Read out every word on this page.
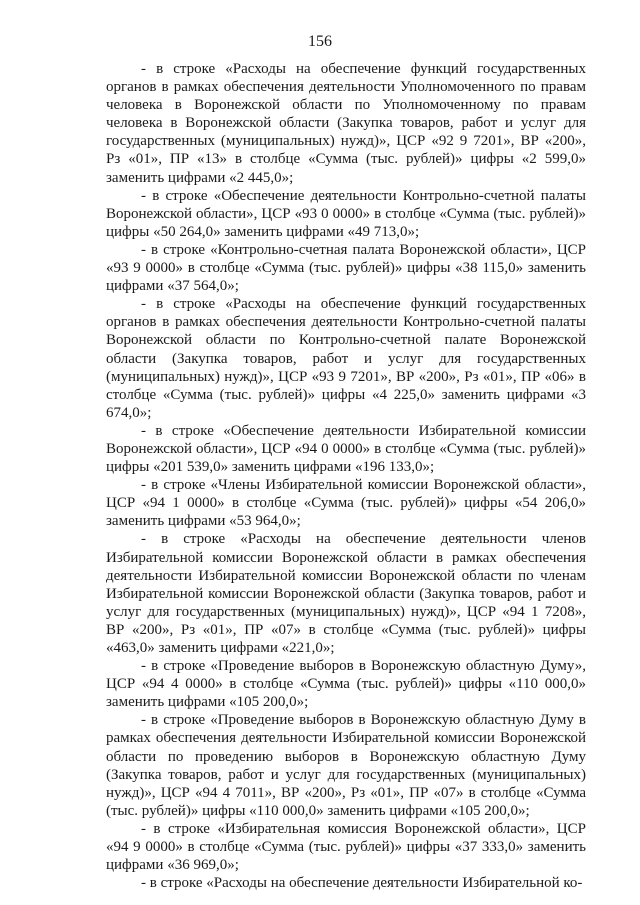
156

- в строке «Расходы на обеспечение функций государственных органов в рамках обеспечения деятельности Уполномоченного по правам человека в Воронежской области по Уполномоченному по правам человека в Воронежской области (Закупка товаров, работ и услуг для государственных (муниципальных) нужд)», ЦСР «92 9 7201», ВР «200», Рз «01», ПР «13» в столбце «Сумма (тыс. рублей)» цифры «2 599,0» заменить цифрами «2 445,0»;

- в строке «Обеспечение деятельности Контрольно-счетной палаты Воронежской области», ЦСР «93 0 0000» в столбце «Сумма (тыс. рублей)» цифры «50 264,0» заменить цифрами «49 713,0»;

- в строке «Контрольно-счетная палата Воронежской области», ЦСР «93 9 0000» в столбце «Сумма (тыс. рублей)» цифры «38 115,0» заменить цифрами «37 564,0»;

- в строке «Расходы на обеспечение функций государственных органов в рамках обеспечения деятельности Контрольно-счетной палаты Воронежской области по Контрольно-счетной палате Воронежской области (Закупка товаров, работ и услуг для государственных (муниципальных) нужд)», ЦСР «93 9 7201», ВР «200», Рз «01», ПР «06» в столбце «Сумма (тыс. рублей)» цифры «4 225,0» заменить цифрами «3 674,0»;

- в строке «Обеспечение деятельности Избирательной комиссии Воронежской области», ЦСР «94 0 0000» в столбце «Сумма (тыс. рублей)» цифры «201 539,0» заменить цифрами «196 133,0»;

- в строке «Члены Избирательной комиссии Воронежской области», ЦСР «94 1 0000» в столбце «Сумма (тыс. рублей)» цифры «54 206,0» заменить цифрами «53 964,0»;

- в строке «Расходы на обеспечение деятельности членов Избирательной комиссии Воронежской области в рамках обеспечения деятельности Избирательной комиссии Воронежской области по членам Избирательной комиссии Воронежской области (Закупка товаров, работ и услуг для государственных (муниципальных) нужд)», ЦСР «94 1 7208», ВР «200», Рз «01», ПР «07» в столбце «Сумма (тыс. рублей)» цифры «463,0» заменить цифрами «221,0»;

- в строке «Проведение выборов в Воронежскую областную Думу», ЦСР «94 4 0000» в столбце «Сумма (тыс. рублей)» цифры «110 000,0» заменить цифрами «105 200,0»;

- в строке «Проведение выборов в Воронежскую областную Думу в рамках обеспечения деятельности Избирательной комиссии Воронежской области по проведению выборов в Воронежскую областную Думу (Закупка товаров, работ и услуг для государственных (муниципальных) нужд)», ЦСР «94 4 7011», ВР «200», Рз «01», ПР «07» в столбце «Сумма (тыс. рублей)» цифры «110 000,0» заменить цифрами «105 200,0»;

- в строке «Избирательная комиссия Воронежской области», ЦСР «94 9 0000» в столбце «Сумма (тыс. рублей)» цифры «37 333,0» заменить цифрами «36 969,0»;

- в строке «Расходы на обеспечение деятельности Избирательной ко-
